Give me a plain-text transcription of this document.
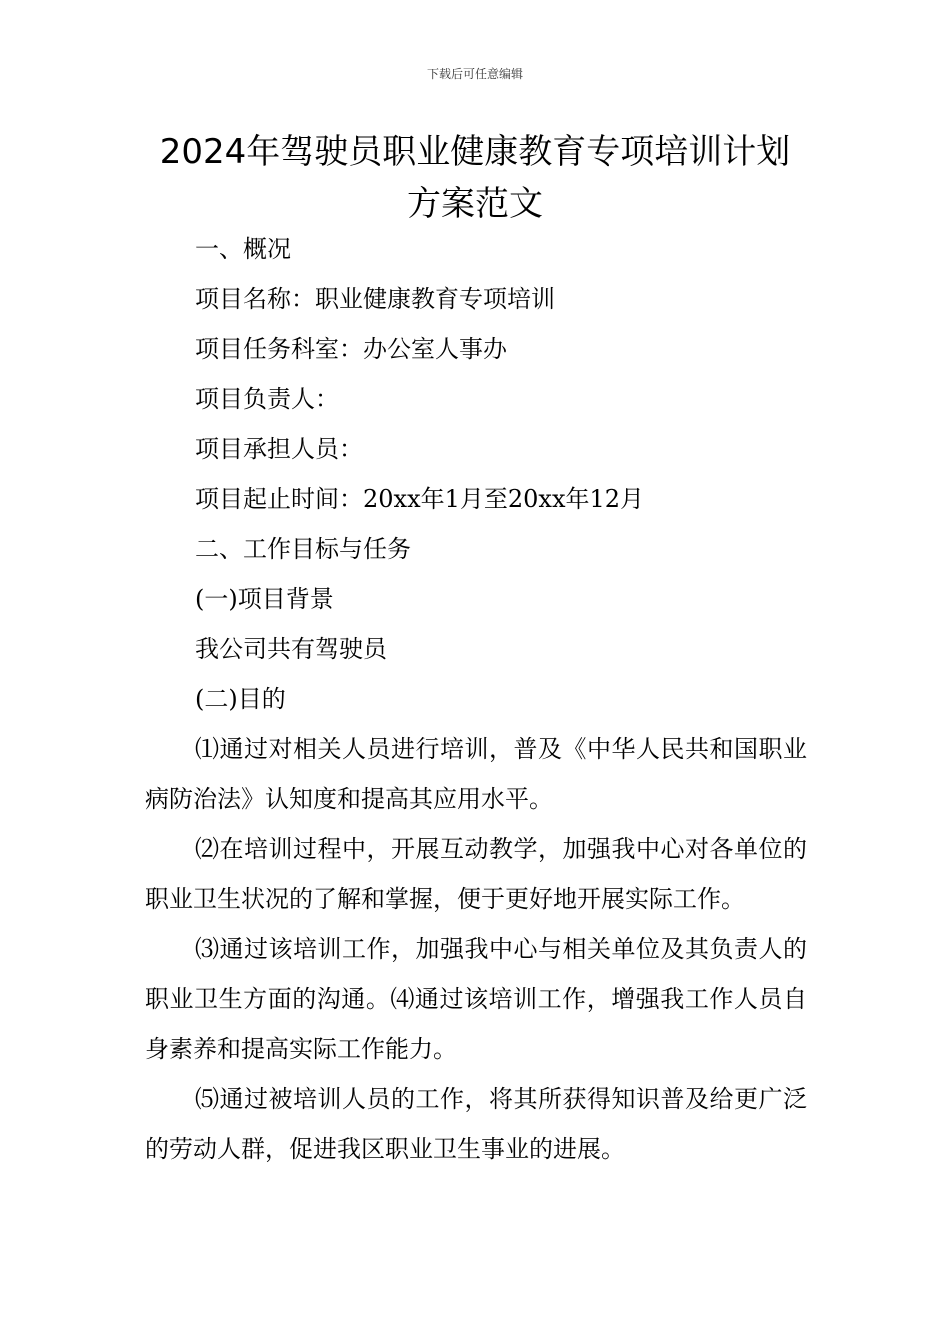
下载后可任意编辑
2024年驾驶员职业健康教育专项培训计划
方案范文

一、概况

项目名称：职业健康教育专项培训

项目任务科室：办公室人事办

项目负责人：

项目承担人员：

项目起止时间：20xx年1月至20xx年12月

二、工作目标与任务

(一)项目背景

我公司共有驾驶员

(二)目的

⑴通过对相关人员进行培训，普及《中华人民共和国职业病防治法》认知度和提高其应用水平。

⑵在培训过程中，开展互动教学，加强我中心对各单位的职业卫生状况的了解和掌握，便于更好地开展实际工作。

⑶通过该培训工作，加强我中心与相关单位及其负责人的职业卫生方面的沟通。⑷通过该培训工作，增强我工作人员自身素养和提高实际工作能力。

⑸通过被培训人员的工作，将其所获得知识普及给更广泛的劳动人群，促进我区职业卫生事业的进展。
